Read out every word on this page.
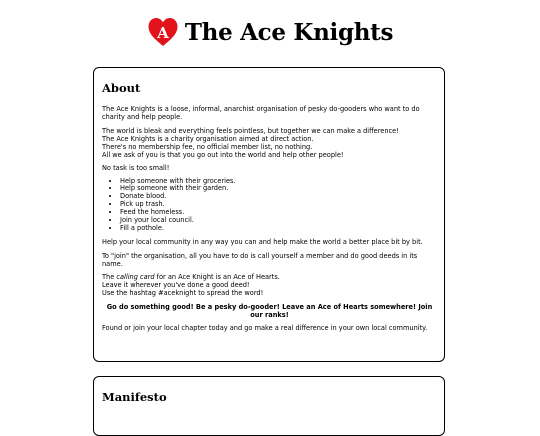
A The Ace Knights
About

The Ace Knights is a loose, informal, anarchist organisation of pesky do-gooders who want to do charity and help people.

The world is bleak and everything feels pointless, but together we can make a difference!
The Ace Knights is a charity organisation aimed at direct action.
There's no membership fee, no official member list, no nothing.
All we ask of you is that you go out into the world and help other people!

No task is too small!

• Help someone with their groceries.
• Help someone with their garden.
• Donate blood.
• Pick up trash.
• Feed the homeless.
• Join your local council.
• Fill a pothole.

Help your local community in any way you can and help make the world a better place bit by bit.

To "join" the organisation, all you have to do is call yourself a member and do good deeds in its name.

The calling card for an Ace Knight is an Ace of Hearts.
Leave it wherever you've done a good deed!
Use the hashtag #aceknight to spread the word!

Go do something good! Be a pesky do-gooder! Leave an Ace of Hearts somewhere! Join our ranks!

Found or join your local chapter today and go make a real difference in your own local community.

Manifesto
